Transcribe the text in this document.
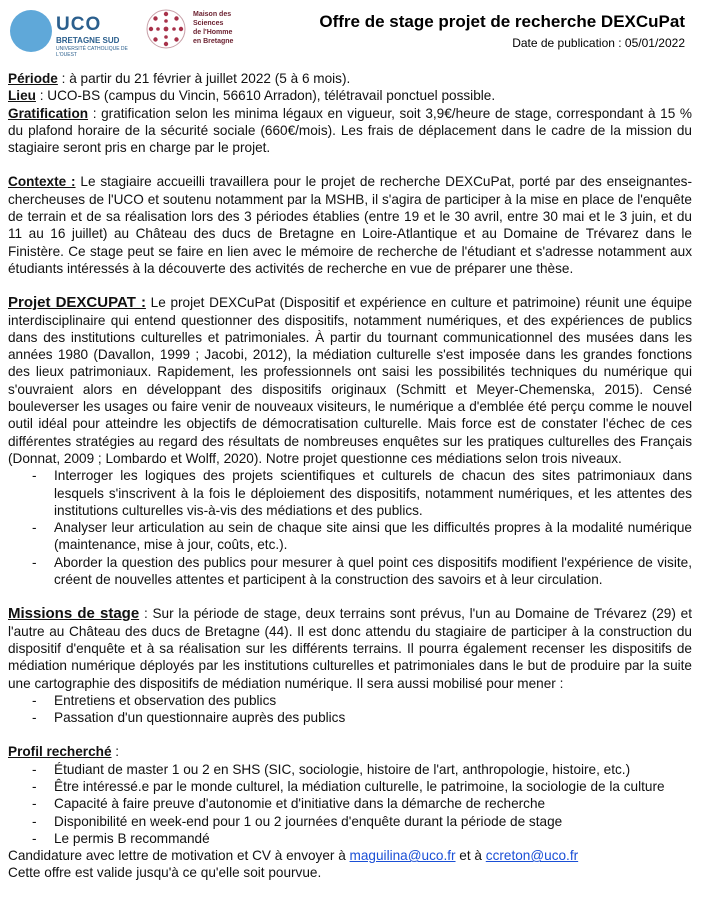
UCO
BRETAGNE SUD
UNIVERSITÉ CATHOLIQUE DE L'OUEST
Maison des
Sciences
de l'Homme
en Bretagne
Offre de stage projet de recherche DEXCuPat
Date de publication : 05/01/2022

Période : à partir du 21 février à juillet 2022 (5 à 6 mois).

Lieu : UCO-BS (campus du Vincin, 56610 Arradon), télétravail ponctuel possible.

Gratification : gratification selon les minima légaux en vigueur, soit 3,9€/heure de stage, correspondant à 15 % du plafond horaire de la sécurité sociale (660€/mois). Les frais de déplacement dans le cadre de la mission du stagiaire seront pris en charge par le projet.

Contexte : Le stagiaire accueilli travaillera pour le projet de recherche DEXCuPat, porté par des enseignantes-chercheuses de l'UCO et soutenu notamment par la MSHB, il s'agira de participer à la mise en place de l'enquête de terrain et de sa réalisation lors des 3 périodes établies (entre 19 et le 30 avril, entre 30 mai et le 3 juin, et du 11 au 16 juillet) au Château des ducs de Bretagne en Loire-Atlantique et au Domaine de Trévarez dans le Finistère. Ce stage peut se faire en lien avec le mémoire de recherche de l'étudiant et s'adresse notamment aux étudiants intéressés à la découverte des activités de recherche en vue de préparer une thèse.

Projet DEXCUPAT : Le projet DEXCuPat (Dispositif et expérience en culture et patrimoine) réunit une équipe interdisciplinaire qui entend questionner des dispositifs, notamment numériques, et des expériences de publics dans des institutions culturelles et patrimoniales. À partir du tournant communicationnel des musées dans les années 1980 (Davallon, 1999 ; Jacobi, 2012), la médiation culturelle s'est imposée dans les grandes fonctions des lieux patrimoniaux. Rapidement, les professionnels ont saisi les possibilités techniques du numérique qui s'ouvraient alors en développant des dispositifs originaux (Schmitt et Meyer-Chemenska, 2015). Censé bouleverser les usages ou faire venir de nouveaux visiteurs, le numérique a d'emblée été perçu comme le nouvel outil idéal pour atteindre les objectifs de démocratisation culturelle. Mais force est de constater l'échec de ces différentes stratégies au regard des résultats de nombreuses enquêtes sur les pratiques culturelles des Français (Donnat, 2009 ; Lombardo et Wolff, 2020). Notre projet questionne ces médiations selon trois niveaux.

- Interroger les logiques des projets scientifiques et culturels de chacun des sites patrimoniaux dans lesquels s'inscrivent à la fois le déploiement des dispositifs, notamment numériques, et les attentes des institutions culturelles vis-à-vis des médiations et des publics.
- Analyser leur articulation au sein de chaque site ainsi que les difficultés propres à la modalité numérique (maintenance, mise à jour, coûts, etc.).
- Aborder la question des publics pour mesurer à quel point ces dispositifs modifient l'expérience de visite, créent de nouvelles attentes et participent à la construction des savoirs et à leur circulation.

Missions de stage : Sur la période de stage, deux terrains sont prévus, l'un au Domaine de Trévarez (29) et l'autre au Château des ducs de Bretagne (44). Il est donc attendu du stagiaire de participer à la construction du dispositif d'enquête et à sa réalisation sur les différents terrains. Il pourra également recenser les dispositifs de médiation numérique déployés par les institutions culturelles et patrimoniales dans le but de produire par la suite une cartographie des dispositifs de médiation numérique. Il sera aussi mobilisé pour mener :

- Entretiens et observation des publics
- Passation d'un questionnaire auprès des publics

Profil recherché :

- Étudiant de master 1 ou 2 en SHS (SIC, sociologie, histoire de l'art, anthropologie, histoire, etc.)
- Être intéressé.e par le monde culturel, la médiation culturelle, le patrimoine, la sociologie de la culture
- Capacité à faire preuve d'autonomie et d'initiative dans la démarche de recherche
- Disponibilité en week-end pour 1 ou 2 journées d'enquête durant la période de stage
- Le permis B recommandé

Candidature avec lettre de motivation et CV à envoyer à maguilina@uco.fr et à ccreton@uco.fr

Cette offre est valide jusqu'à ce qu'elle soit pourvue.
